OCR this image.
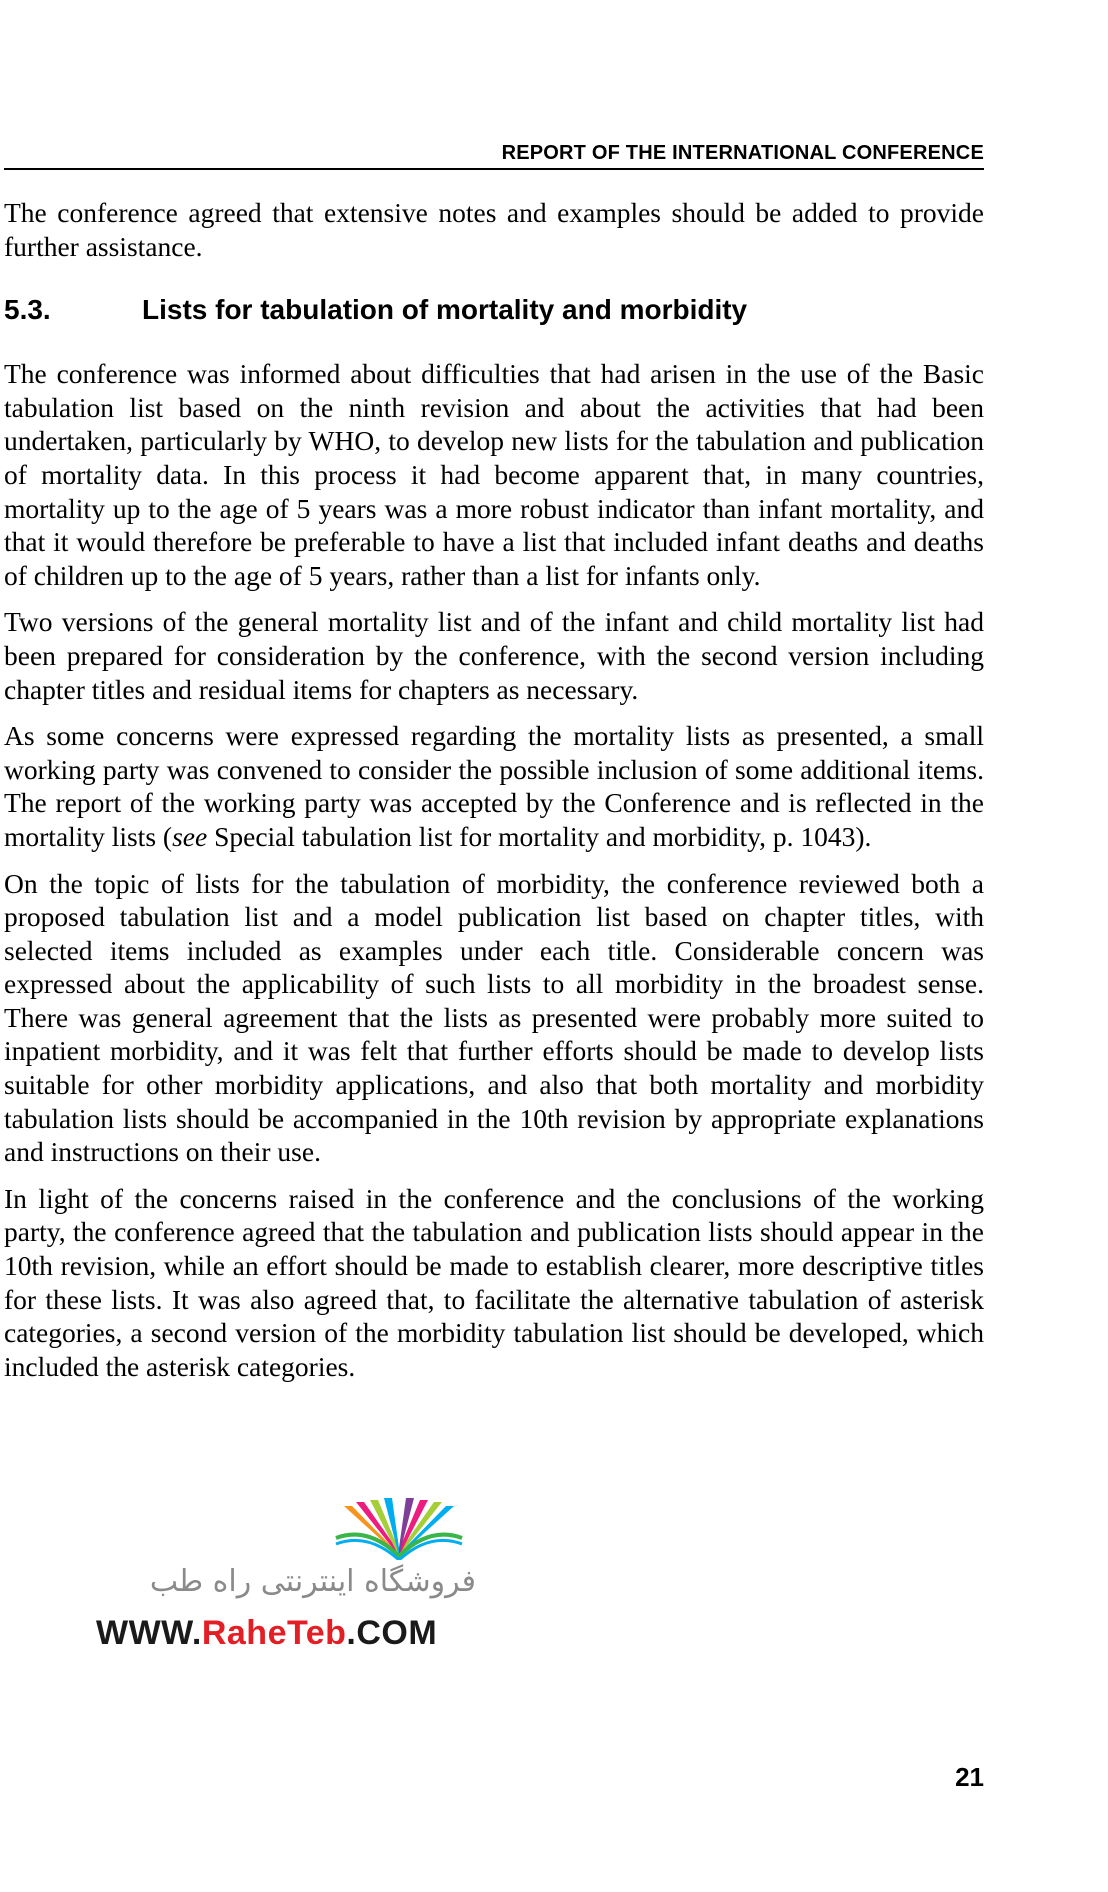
REPORT OF THE INTERNATIONAL CONFERENCE

The conference agreed that extensive notes and examples should be added to provide further assistance.

5.3.	Lists for tabulation of mortality and morbidity

The conference was informed about difficulties that had arisen in the use of the Basic tabulation list based on the ninth revision and about the activities that had been undertaken, particularly by WHO, to develop new lists for the tabulation and publication of mortality data. In this process it had become apparent that, in many countries, mortality up to the age of 5 years was a more robust indicator than infant mortality, and that it would therefore be preferable to have a list that included infant deaths and deaths of children up to the age of 5 years, rather than a list for infants only.

Two versions of the general mortality list and of the infant and child mortality list had been prepared for consideration by the conference, with the second version including chapter titles and residual items for chapters as necessary.

As some concerns were expressed regarding the mortality lists as presented, a small working party was convened to consider the possible inclusion of some additional items. The report of the working party was accepted by the Conference and is reflected in the mortality lists (see Special tabulation list for mortality and morbidity, p. 1043).

On the topic of lists for the tabulation of morbidity, the conference reviewed both a proposed tabulation list and a model publication list based on chapter titles, with selected items included as examples under each title. Considerable concern was expressed about the applicability of such lists to all morbidity in the broadest sense. There was general agreement that the lists as presented were probably more suited to inpatient morbidity, and it was felt that further efforts should be made to develop lists suitable for other morbidity applications, and also that both mortality and morbidity tabulation lists should be accompanied in the 10th revision by appropriate explanations and instructions on their use.

In light of the concerns raised in the conference and the conclusions of the working party, the conference agreed that the tabulation and publication lists should appear in the 10th revision, while an effort should be made to establish clearer, more descriptive titles for these lists. It was also agreed that, to facilitate the alternative tabulation of asterisk categories, a second version of the morbidity tabulation list should be developed, which included the asterisk categories.

فروشگاه اینترنتی راه طب
WWW.RaheTeb.COM
21
